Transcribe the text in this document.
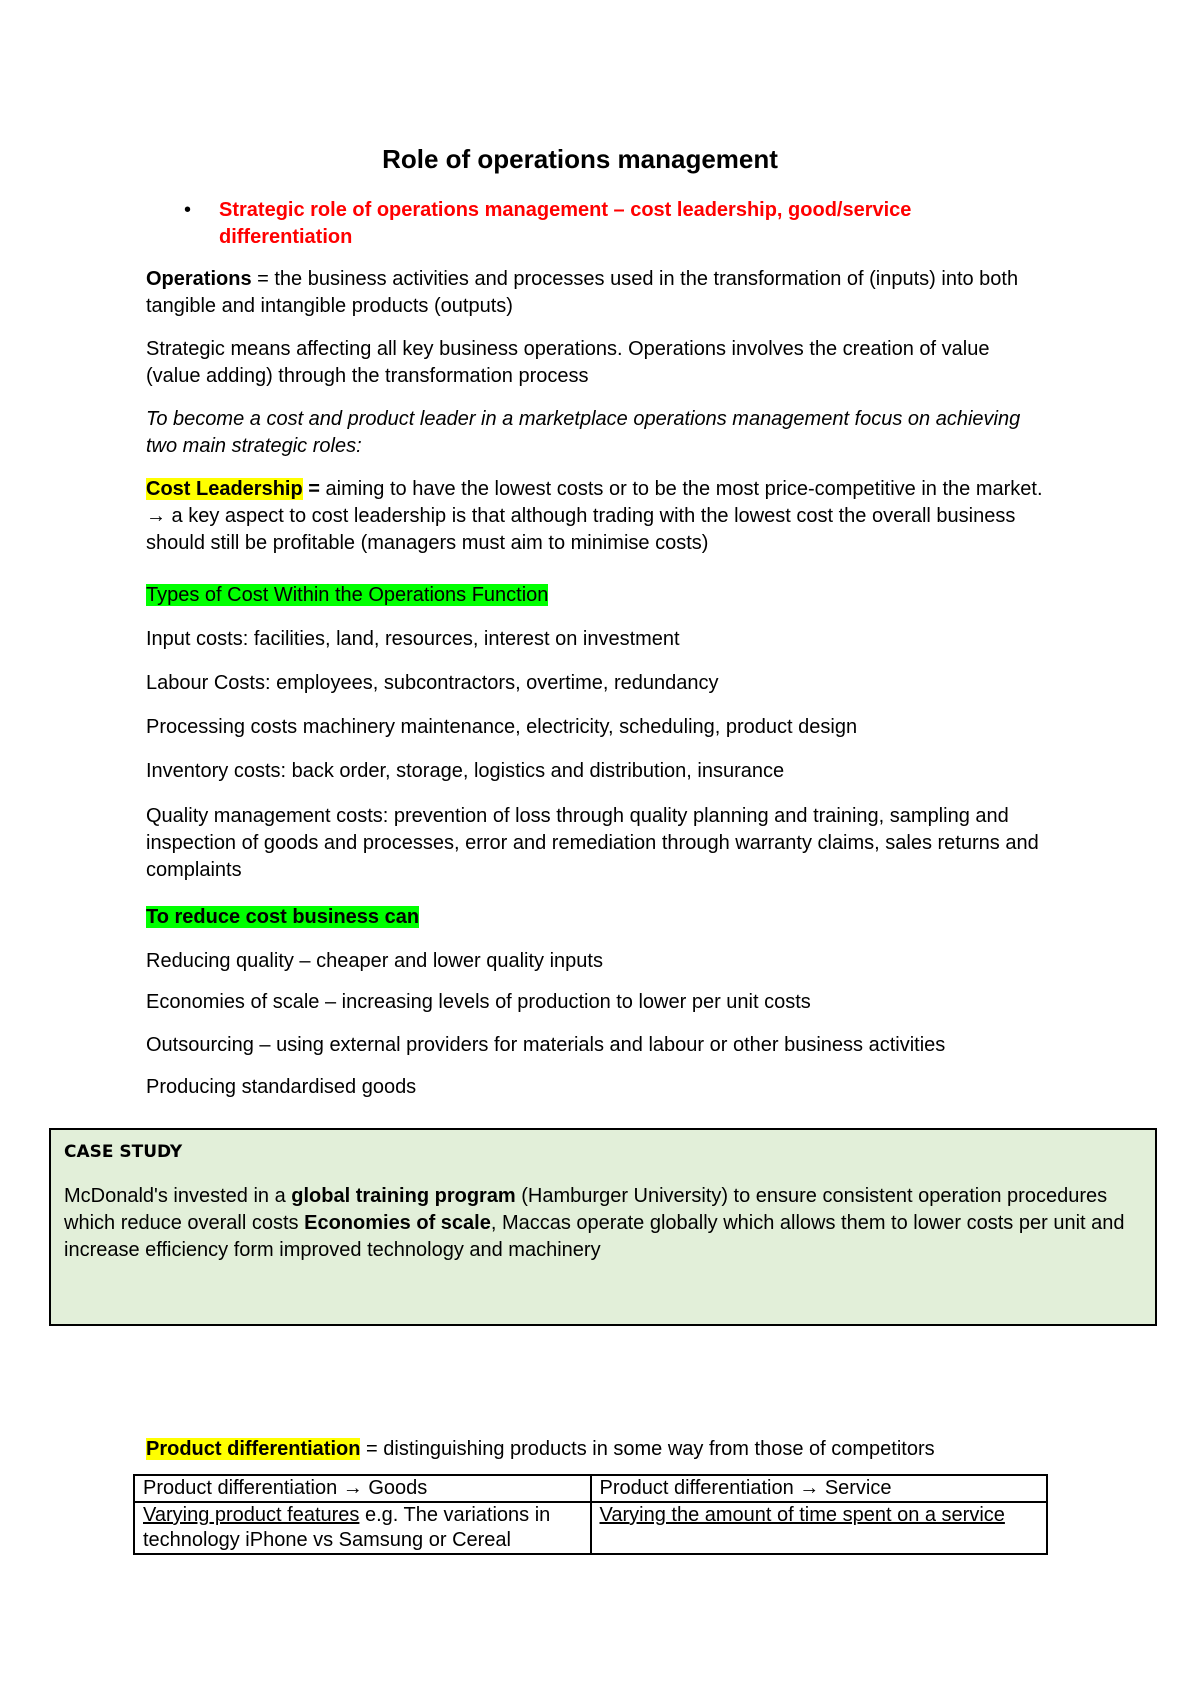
Role of operations management
• Strategic role of operations management – cost leadership, good/service differentiation
Operations = the business activities and processes used in the transformation of (inputs) into both tangible and intangible products (outputs)
Strategic means affecting all key business operations. Operations involves the creation of value (value adding) through the transformation process
To become a cost and product leader in a marketplace operations management focus on achieving two main strategic roles:
Cost Leadership = aiming to have the lowest costs or to be the most price-competitive in the market. → a key aspect to cost leadership is that although trading with the lowest cost the overall business should still be profitable (managers must aim to minimise costs)
Types of Cost Within the Operations Function
Input costs: facilities, land, resources, interest on investment
Labour Costs: employees, subcontractors, overtime, redundancy
Processing costs machinery maintenance, electricity, scheduling, product design
Inventory costs: back order, storage, logistics and distribution, insurance
Quality management costs: prevention of loss through quality planning and training, sampling and inspection of goods and processes, error and remediation through warranty claims, sales returns and complaints
To reduce cost business can
Reducing quality – cheaper and lower quality inputs
Economies of scale – increasing levels of production to lower per unit costs
Outsourcing – using external providers for materials and labour or other business activities
Producing standardised goods
CASE STUDY
McDonald's invested in a global training program (Hamburger University) to ensure consistent operation procedures which reduce overall costs Economies of scale, Maccas operate globally which allows them to lower costs per unit and increase efficiency form improved technology and machinery
Product differentiation = distinguishing products in some way from those of competitors
Product differentiation → Goods	Product differentiation → Service
Varying product features e.g. The variations in technology iPhone vs Samsung or Cereal	Varying the amount of time spent on a service
